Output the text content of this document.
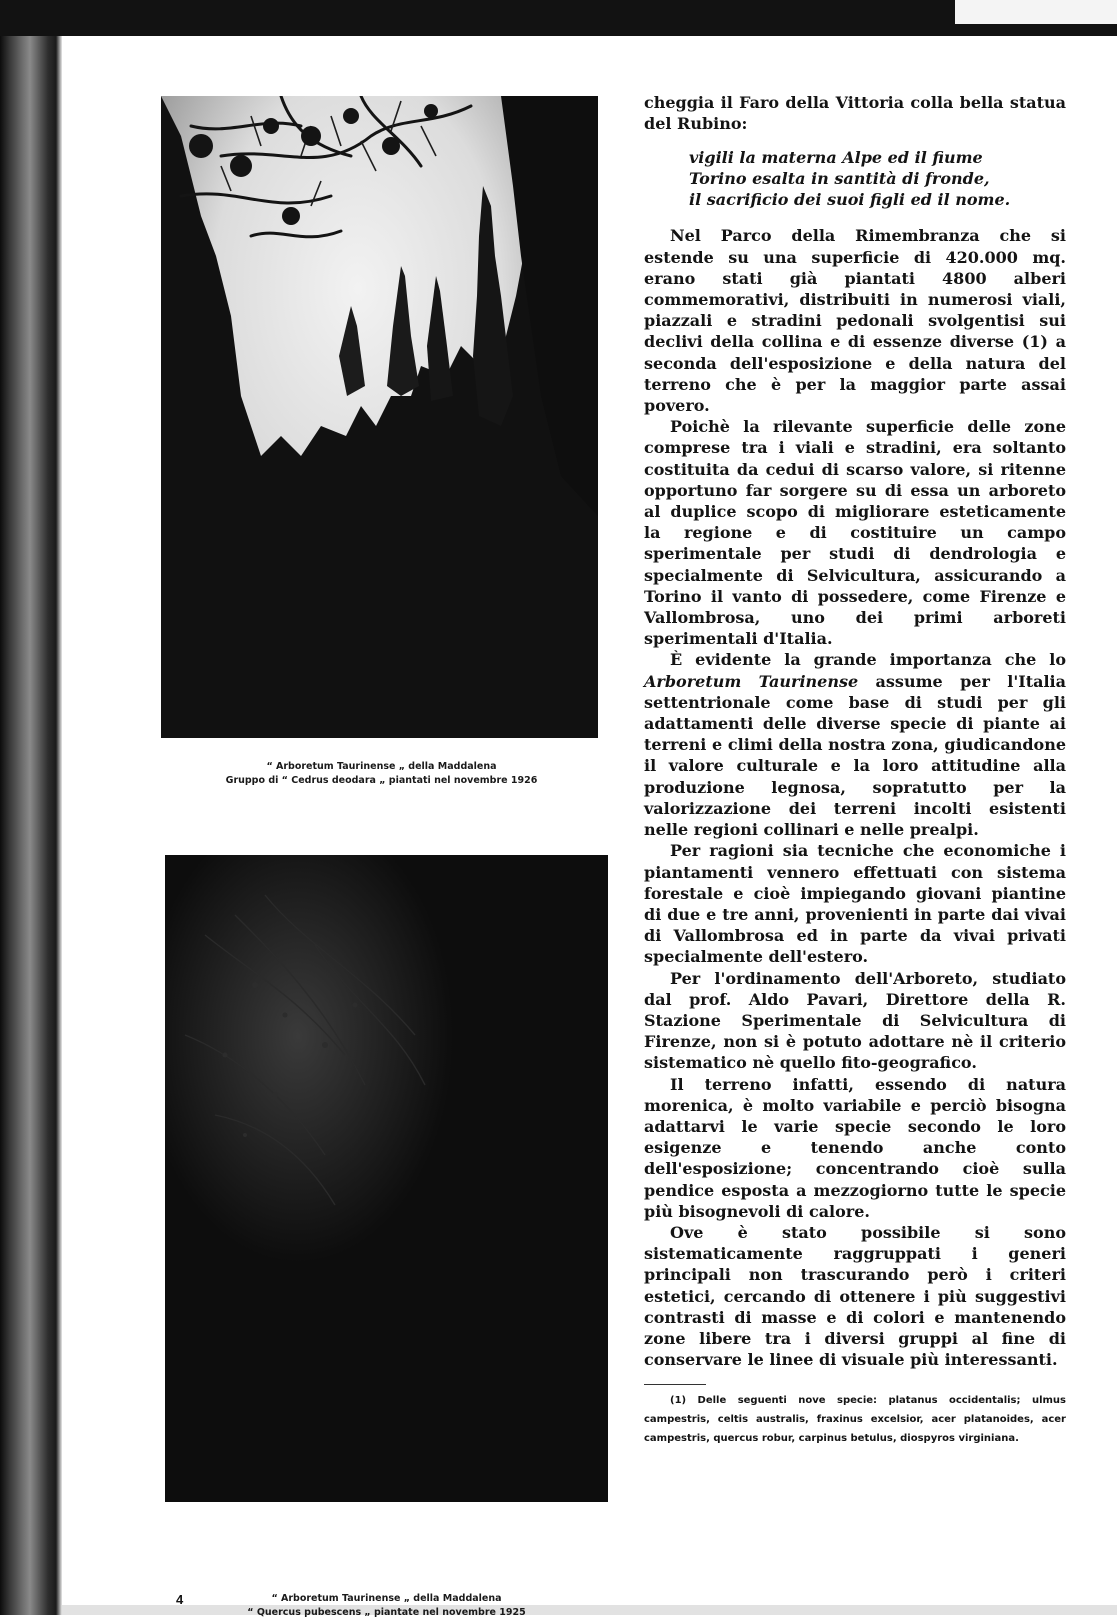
“ Arboretum Taurinense „ della Maddalena
Gruppo di “ Cedrus deodara „ piantati nel novembre 1926
“ Arboretum Taurinense „ della Maddalena
“ Quercus pubescens „ piantate nel novembre 1925
4

cheggia il Faro della Vittoria colla bella statua del Rubino:

vigili la materna Alpe ed il fiume
Torino esalta in santità di fronde,
il sacrificio dei suoi figli ed il nome.

Nel Parco della Rimembranza che si estende su una superficie di 420.000 mq. erano stati già piantati 4800 alberi commemorativi, distribuiti in numerosi viali, piazzali e stradini pedonali svolgentisi sui declivi della collina e di essenze diverse (1) a seconda dell'esposizione e della natura del terreno che è per la maggior parte assai povero.

Poichè la rilevante superficie delle zone comprese tra i viali e stradini, era soltanto costituita da cedui di scarso valore, si ritenne opportuno far sorgere su di essa un arboreto al duplice scopo di migliorare esteticamente la regione e di costituire un campo sperimentale per studi di dendrologia e specialmente di Selvicultura, assicurando a Torino il vanto di possedere, come Firenze e Vallombrosa, uno dei primi arboreti sperimentali d'Italia.

È evidente la grande importanza che lo Arboretum Taurinense assume per l'Italia settentrionale come base di studi per gli adattamenti delle diverse specie di piante ai terreni e climi della nostra zona, giudicandone il valore culturale e la loro attitudine alla produzione legnosa, sopratutto per la valorizzazione dei terreni incolti esistenti nelle regioni collinari e nelle prealpi.

Per ragioni sia tecniche che economiche i piantamenti vennero effettuati con sistema forestale e cioè impiegando giovani piantine di due e tre anni, provenienti in parte dai vivai di Vallombrosa ed in parte da vivai privati specialmente dell'estero.

Per l'ordinamento dell'Arboreto, studiato dal prof. Aldo Pavari, Direttore della R. Stazione Sperimentale di Selvicultura di Firenze, non si è potuto adottare nè il criterio sistematico nè quello fito-geografico.

Il terreno infatti, essendo di natura morenica, è molto variabile e perciò bisogna adattarvi le varie specie secondo le loro esigenze e tenendo anche conto dell'esposizione; concentrando cioè sulla pendice esposta a mezzogiorno tutte le specie più bisognevoli di calore.

Ove è stato possibile si sono sistematicamente raggruppati i generi principali non trascurando però i criteri estetici, cercando di ottenere i più suggestivi contrasti di masse e di colori e mantenendo zone libere tra i diversi gruppi al fine di conservare le linee di visuale più interessanti.

(1) Delle seguenti nove specie: platanus occidentalis; ulmus campestris, celtis australis, fraxinus excelsior, acer platanoides, acer campestris, quercus robur, carpinus betulus, diospyros virginiana.
